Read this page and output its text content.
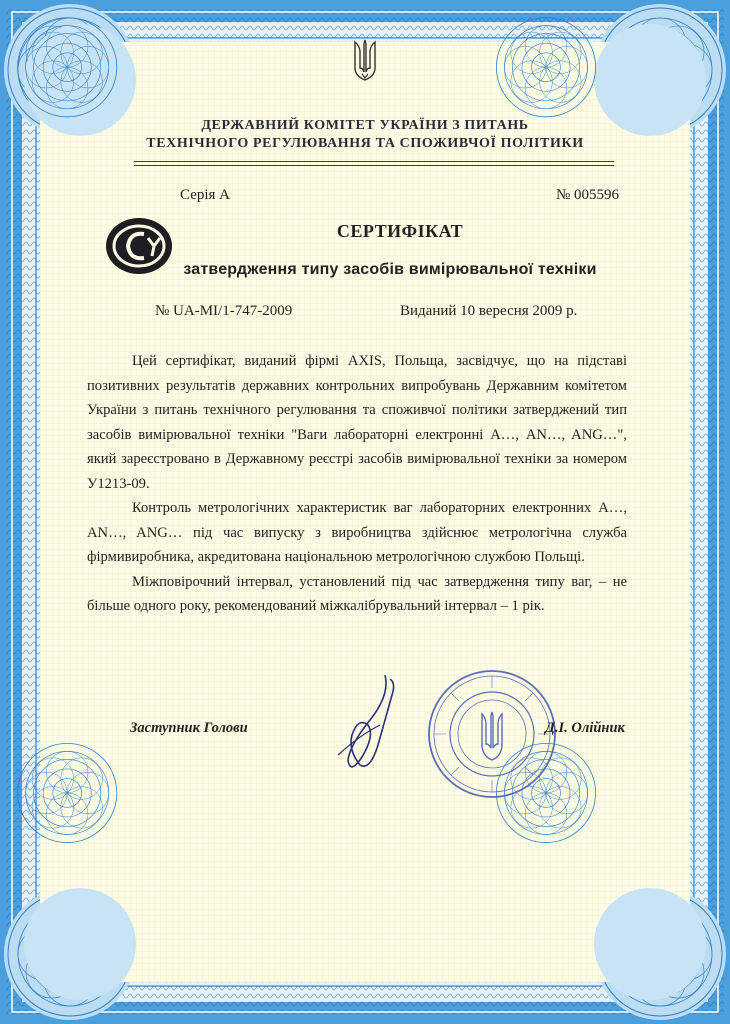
ДЕРЖАВНИЙ КОМІТЕТ УКРАЇНИ З ПИТАНЬ
ТЕХНІЧНОГО РЕГУЛЮВАННЯ ТА СПОЖИВЧОЇ ПОЛІТИКИ
Серія А	№ 005596
СЕРТИФІКАТ
затвердження типу засобів вимірювальної техніки
№ UA-MI/1-747-2009	Виданий 10 вересня 2009 р.

Цей сертифікат, виданий фірмі AXIS, Польща, засвідчує, що на підставі позитивних результатів державних контрольних випробувань Державним комітетом України з питань технічного регулювання та споживчої політики затверджений тип засобів вимірювальної техніки "Ваги лабораторні електронні А…, AN…, ANG…", який зареєстровано в Державному реєстрі засобів вимірювальної техніки за номером У1213-09.

Контроль метрологічних характеристик ваг лабораторних електронних А…, AN…, ANG… під час випуску з виробництва здійснює метрологічна служба фірмивиробника, акредитована національною метрологічною службою Польщі.

Міжповірочний інтервал, установлений під час затвердження типу ваг, – не більше одного року, рекомендований міжкалібрувальний інтервал – 1 рік.

Заступник Голови	Д.І. Олійник
